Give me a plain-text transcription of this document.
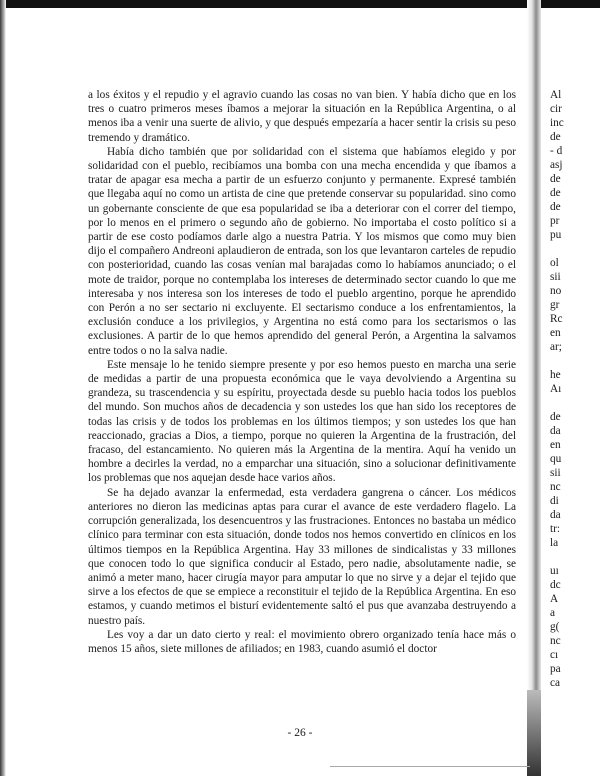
a los éxitos y el repudio y el agravio cuando las cosas no van bien. Y había dicho que en los tres o cuatro primeros meses íbamos a mejorar la situación en la República Argentina, o al menos iba a venir una suerte de alivio, y que después empezaría a hacer sentir la crisis su peso tremendo y dramático.

Había dicho también que por solidaridad con el sistema que habíamos elegido y por solidaridad con el pueblo, recibíamos una bomba con una mecha encendida y que íbamos a tratar de apagar esa mecha a partir de un esfuerzo conjunto y permanente. Expresé también que llegaba aquí no como un artista de cine que pretende conservar su popularidad. sino como un gobernante consciente de que esa popularidad se iba a deteriorar con el correr del tiempo, por lo menos en el primero o segundo año de gobierno. No importaba el costo político si a partir de ese costo podíamos darle algo a nuestra Patria. Y los mismos que como muy bien dijo el compañero Andreoni aplaudieron de entrada, son los que levantaron carteles de repudio con posterioridad, cuando las cosas venían mal barajadas como lo habíamos anunciado; o el mote de traidor, porque no contemplaba los intereses de determinado sector cuando lo que me interesaba y nos interesa son los intereses de todo el pueblo argentino, porque he aprendido con Perón a no ser sectario ni excluyente. El sectarismo conduce a los enfrentamientos, la exclusión conduce a los privilegios, y Argentina no está como para los sectarismos o las exclusiones. A partir de lo que hemos aprendido del general Perón, a Argentina la salvamos entre todos o no la salva nadie.

Este mensaje lo he tenido siempre presente y por eso hemos puesto en marcha una serie de medidas a partir de una propuesta económica que le vaya devolviendo a Argentina su grandeza, su trascendencia y su espíritu, proyectada desde su pueblo hacia todos los pueblos del mundo. Son muchos años de decadencia y son ustedes los que han sido los receptores de todas las crisis y de todos los problemas en los últimos tiempos; y son ustedes los que han reaccionado, gracias a Dios, a tiempo, porque no quieren la Argentina de la frustración, del fracaso, del estancamiento. No quieren más la Argentina de la mentira. Aquí ha venido un hombre a decirles la verdad, no a emparchar una situación, sino a solucionar definitivamente los problemas que nos aquejan desde hace varios años.

Se ha dejado avanzar la enfermedad, esta verdadera gangrena o cáncer. Los médicos anteriores no dieron las medicinas aptas para curar el avance de este verdadero flagelo. La corrupción generalizada, los desencuentros y las frustraciones. Entonces no bastaba un médico clínico para terminar con esta situación, donde todos nos hemos convertido en clínicos en los últimos tiempos en la República Argentina. Hay 33 millones de sindicalistas y 33 millones que conocen todo lo que significa conducir al Estado, pero nadie, absolutamente nadie, se animó a meter mano, hacer cirugía mayor para amputar lo que no sirve y a dejar el tejido que sirve a los efectos de que se empiece a reconstituir el tejido de la República Argentina. En eso estamos, y cuando metimos el bisturí evidentemente saltó el pus que avanzaba destruyendo a nuestro país.

Les voy a dar un dato cierto y real: el movimiento obrero organizado tenía hace más o menos 15 años, siete millones de afiliados; en 1983, cuando asumió el doctor

- 26 -
Al
cir
inc
de
- d
asj
de
de
de
pr
pu
ol
sii
no
gr
Rc
en
ar;
he
Aı
de
da
en
qu
sii
nc
di
da
tr:
la
uı
dc
A
a
g(
nc
cı
pa
ca
